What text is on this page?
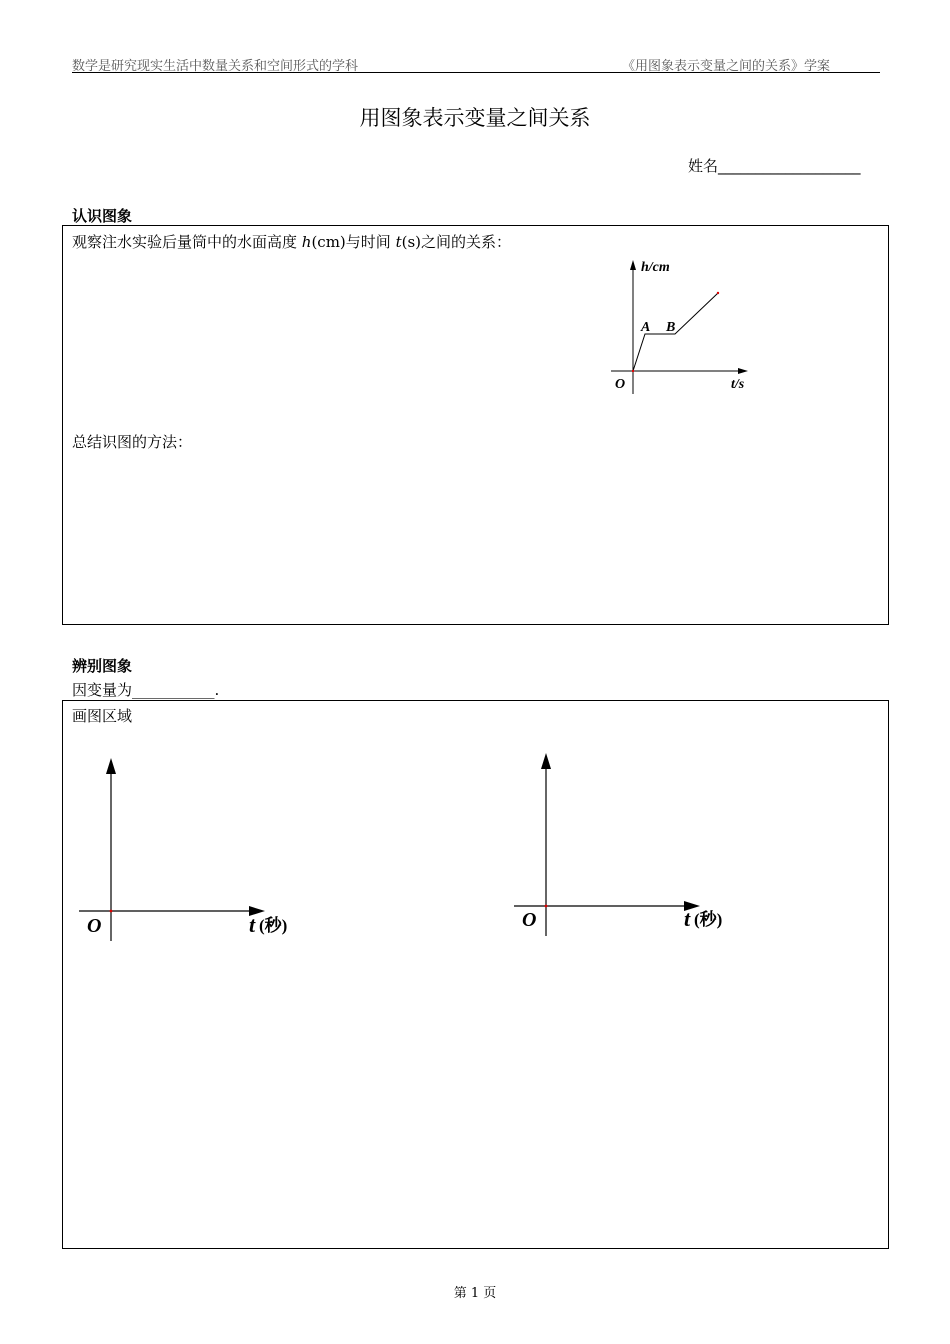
数学是研究现实生活中数量关系和空间形式的学科	《用图象表示变量之间的关系》学案
用图象表示变量之间关系
姓名___________________
认识图象
观察注水实验后量筒中的水面高度 h(cm)与时间 t(s)之间的关系：
h/cm
t/s
O
A B
总结识图的方法：
辨别图象
因变量为___________.
画图区域
O	t (秒)	O	t (秒)
第 1 页
